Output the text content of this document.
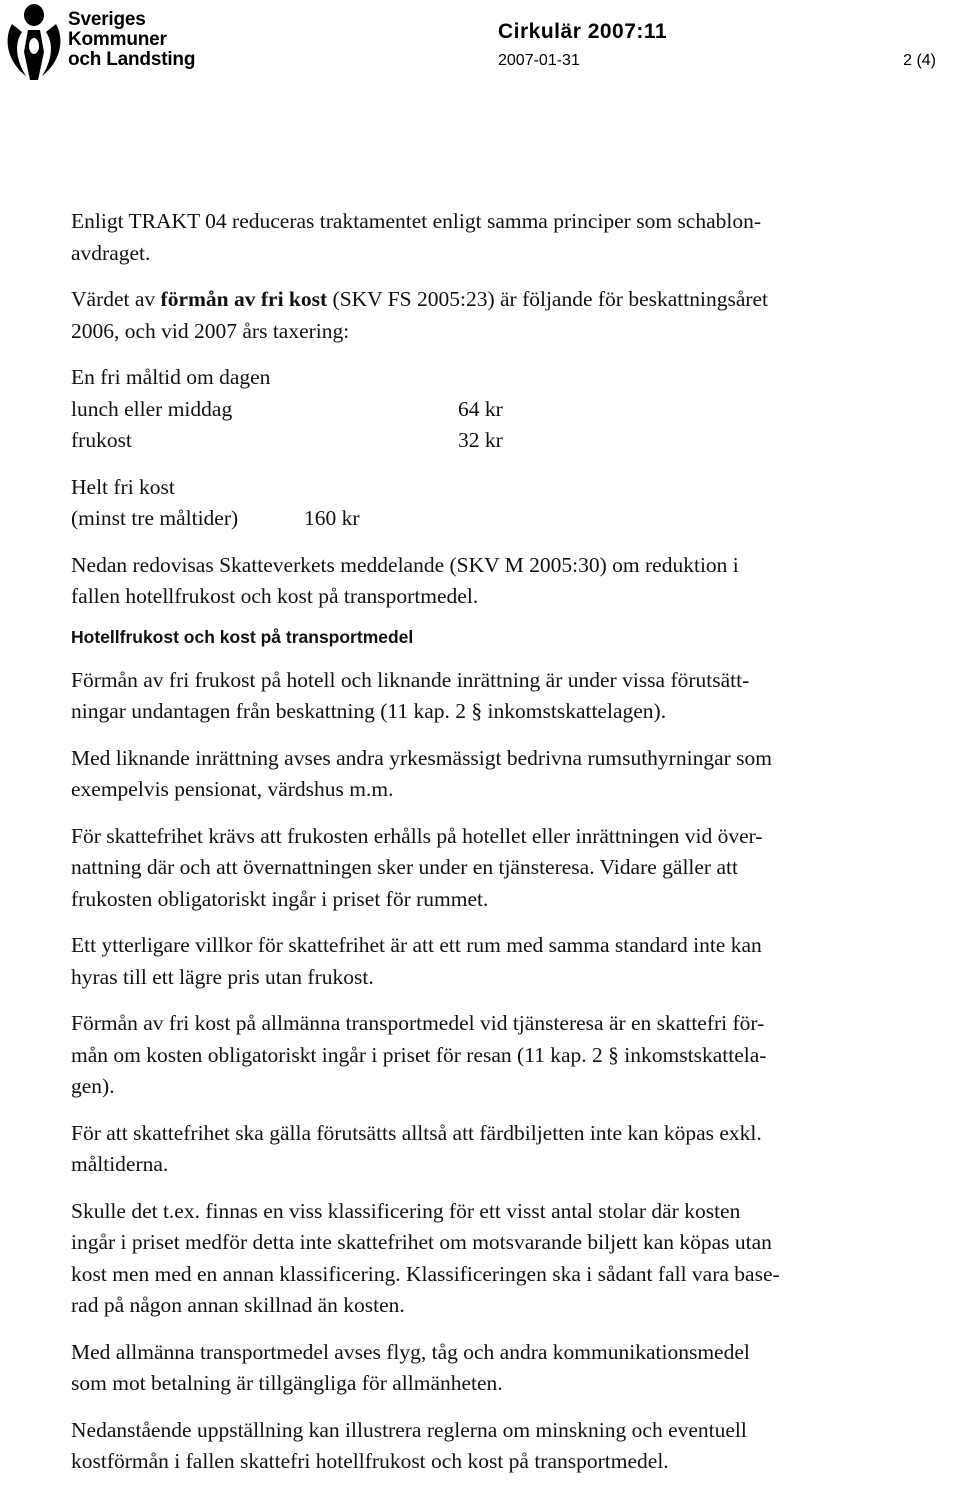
Sveriges
Kommuner
och Landsting
Cirkulär 2007:11
2007-01-31	2 (4)

Enligt TRAKT 04 reduceras traktamentet enligt samma principer som schablon-
avdraget.

Värdet av förmån av fri kost (SKV FS 2005:23) är följande för beskattningsåret
2006, och vid 2007 års taxering:

En fri måltid om dagen
lunch eller middag	64 kr
frukost	32 kr
Helt fri kost
(minst tre måltider)	160 kr

Nedan redovisas Skatteverkets meddelande (SKV M 2005:30) om reduktion i
fallen hotellfrukost och kost på transportmedel.

Hotellfrukost och kost på transportmedel

Förmån av fri frukost på hotell och liknande inrättning är under vissa förutsätt-
ningar undantagen från beskattning (11 kap. 2 § inkomstskattelagen).

Med liknande inrättning avses andra yrkesmässigt bedrivna rumsuthyrningar som
exempelvis pensionat, värdshus m.m.

För skattefrihet krävs att frukosten erhålls på hotellet eller inrättningen vid över-
nattning där och att övernattningen sker under en tjänsteresa. Vidare gäller att
frukosten obligatoriskt ingår i priset för rummet.

Ett ytterligare villkor för skattefrihet är att ett rum med samma standard inte kan
hyras till ett lägre pris utan frukost.

Förmån av fri kost på allmänna transportmedel vid tjänsteresa är en skattefri för-
mån om kosten obligatoriskt ingår i priset för resan (11 kap. 2 § inkomstskattela-
gen).

För att skattefrihet ska gälla förutsätts alltså att färdbiljetten inte kan köpas exkl.
måltiderna.

Skulle det t.ex. finnas en viss klassificering för ett visst antal stolar där kosten
ingår i priset medför detta inte skattefrihet om motsvarande biljett kan köpas utan
kost men med en annan klassificering. Klassificeringen ska i sådant fall vara base-
rad på någon annan skillnad än kosten.

Med allmänna transportmedel avses flyg, tåg och andra kommunikationsmedel
som mot betalning är tillgängliga för allmänheten.

Nedanstående uppställning kan illustrera reglerna om minskning och eventuell
kostförmån i fallen skattefri hotellfrukost och kost på transportmedel.
